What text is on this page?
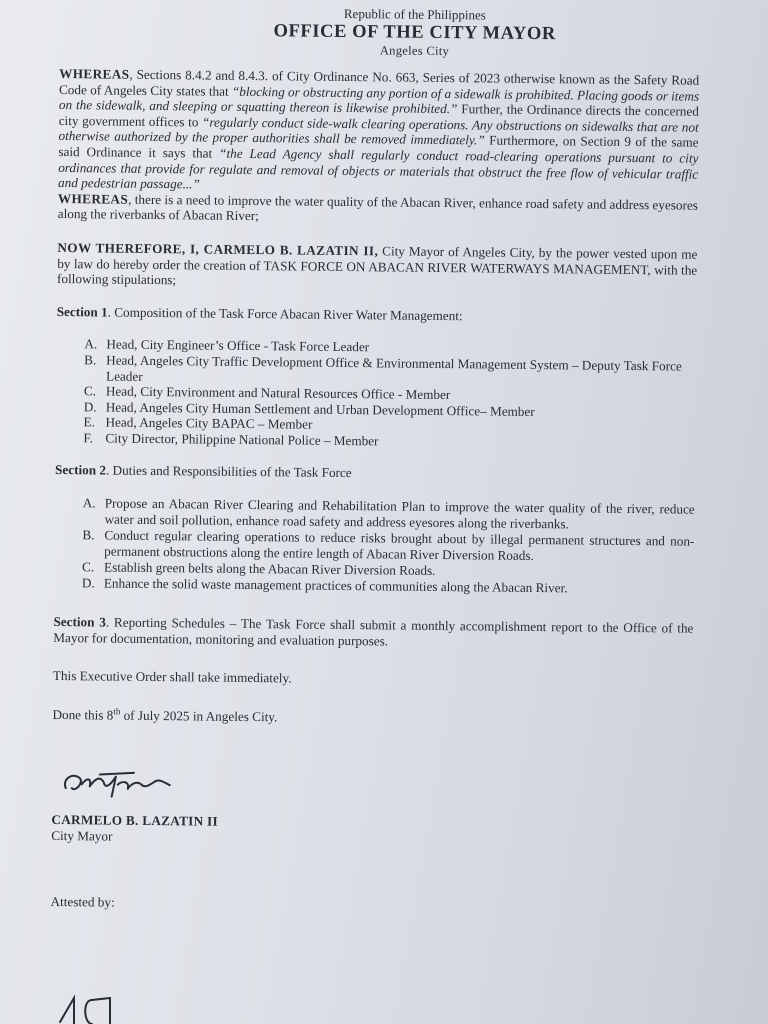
Republic of the Philippines
OFFICE OF THE CITY MAYOR
Angeles City

WHEREAS, Sections 8.4.2 and 8.4.3. of City Ordinance No. 663, Series of 2023 otherwise known as the Safety Road Code of Angeles City states that “blocking or obstructing any portion of a sidewalk is prohibited. Placing goods or items on the sidewalk, and sleeping or squatting thereon is likewise prohibited.” Further, the Ordinance directs the concerned city government offices to “regularly conduct side-walk clearing operations. Any obstructions on sidewalks that are not otherwise authorized by the proper authorities shall be removed immediately.” Furthermore, on Section 9 of the same said Ordinance it says that “the Lead Agency shall regularly conduct road-clearing operations pursuant to city ordinances that provide for regulate and removal of objects or materials that obstruct the free flow of vehicular traffic and pedestrian passage...”

WHEREAS, there is a need to improve the water quality of the Abacan River, enhance road safety and address eyesores along the riverbanks of Abacan River;

NOW THEREFORE, I, CARMELO B. LAZATIN II, City Mayor of Angeles City, by the power vested upon me by law do hereby order the creation of TASK FORCE ON ABACAN RIVER WATERWAYS MANAGEMENT, with the following stipulations;

Section 1. Composition of the Task Force Abacan River Water Management:

A. Head, City Engineer’s Office - Task Force Leader
B. Head, Angeles City Traffic Development Office & Environmental Management System – Deputy Task Force Leader
C. Head, City Environment and Natural Resources Office - Member
D. Head, Angeles City Human Settlement and Urban Development Office– Member
E. Head, Angeles City BAPAC – Member
F. City Director, Philippine National Police – Member

Section 2. Duties and Responsibilities of the Task Force

A. Propose an Abacan River Clearing and Rehabilitation Plan to improve the water quality of the river, reduce water and soil pollution, enhance road safety and address eyesores along the riverbanks.
B. Conduct regular clearing operations to reduce risks brought about by illegal permanent structures and non-permanent obstructions along the entire length of Abacan River Diversion Roads.
C. Establish green belts along the Abacan River Diversion Roads.
D. Enhance the solid waste management practices of communities along the Abacan River.

Section 3. Reporting Schedules – The Task Force shall submit a monthly accomplishment report to the Office of the Mayor for documentation, monitoring and evaluation purposes.

This Executive Order shall take immediately.

Done this 8th of July 2025 in Angeles City.

CARMELO B. LAZATIN II
City Mayor
Attested by:
